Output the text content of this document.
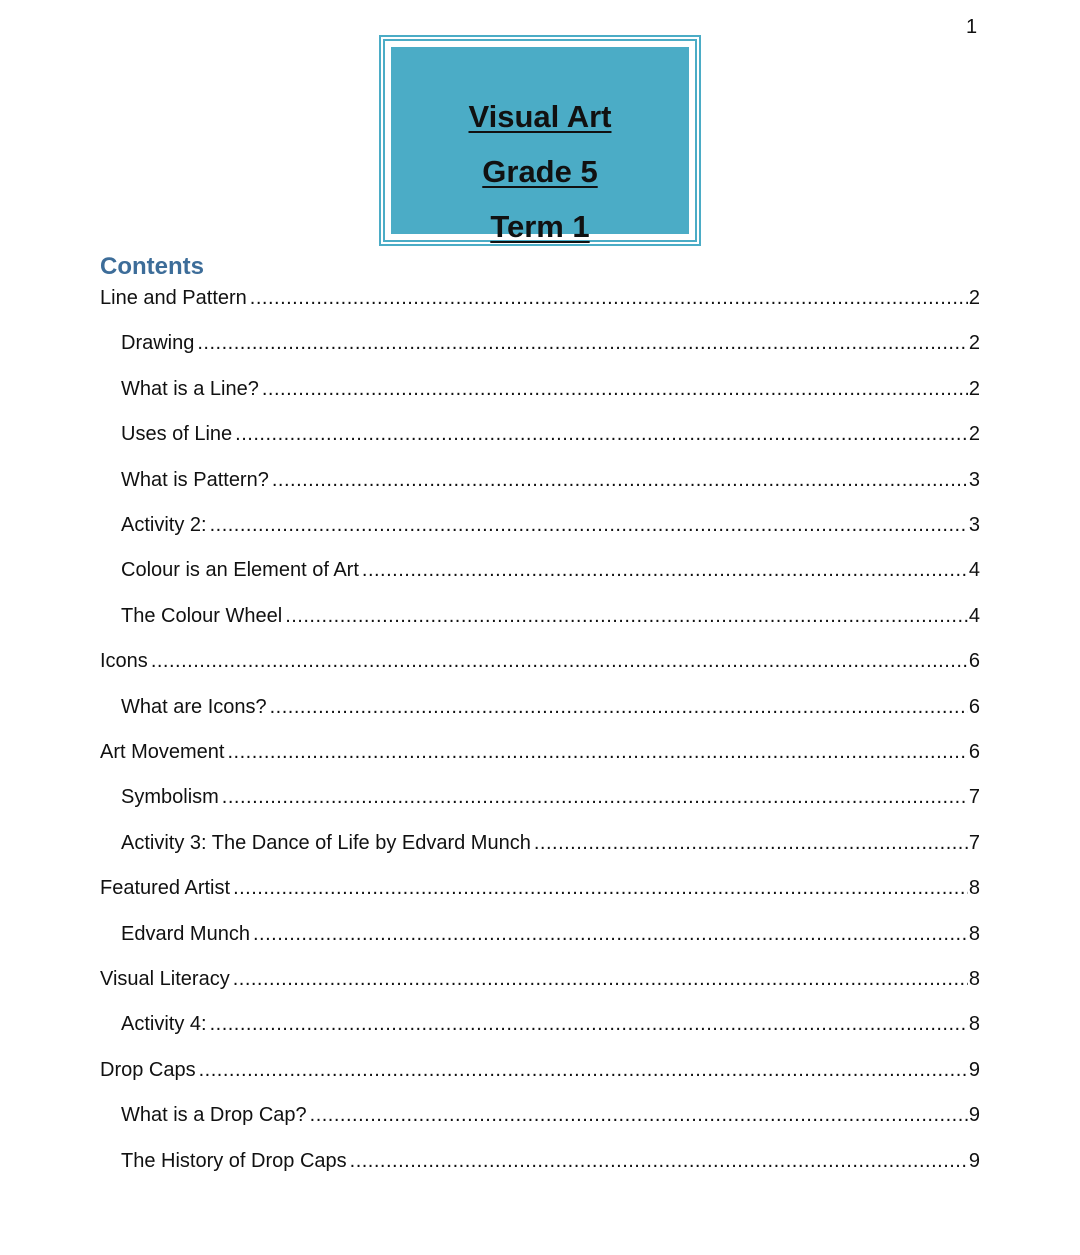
1
Visual Art
Grade 5
Term 1
Contents
Line and Pattern .....	2
Drawing .....	2
What is a Line? .....	2
Uses of Line .....	2
What is Pattern? .....	3
Activity 2: .....	3
Colour is an Element of Art .....	4
The Colour Wheel .....	4
Icons .....	6
What are Icons? .....	6
Art Movement .....	6
Symbolism .....	7
Activity 3: The Dance of Life by Edvard Munch .....	7
Featured Artist .....	8
Edvard Munch .....	8
Visual Literacy .....	8
Activity 4: .....	8
Drop Caps .....	9
What is a Drop Cap? .....	9
The History of Drop Caps .....	9
